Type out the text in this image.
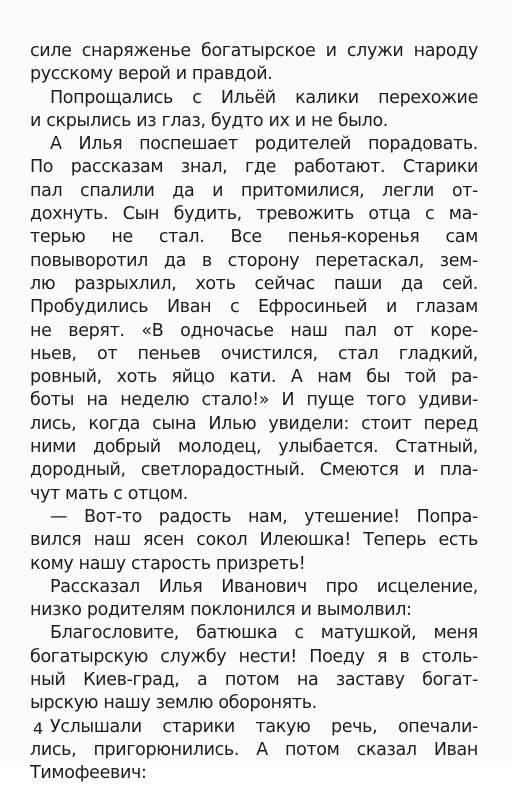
силе снаряженье богатырское и служи народу
русскому верой и правдой.
Попрощались с Ильёй калики перехожие
и скрылись из глаз, будто их и не было.
А Илья поспешает родителей порадовать.
По рассказам знал, где работают. Старики
пал спалили да и притомилися, легли от-
дохнуть. Сын будить, тревожить отца с ма-
терью не стал. Все пенья-коренья сам
повыворотил да в сторону перетаскал, зем-
лю разрыхлил, хоть сейчас паши да сей.
Пробудились Иван с Ефросиньей и глазам
не верят. «В одночасье наш пал от коре-
ньев, от пеньев очистился, стал гладкий,
ровный, хоть яйцо кати. А нам бы той ра-
боты на неделю стало!» И пуще того удиви-
лись, когда сына Илью увидели: стоит перед
ними добрый молодец, улыбается. Статный,
дородный, светлорадостный. Смеются и пла-
чут мать с отцом.
— Вот-то радость нам, утешение! Попра-
вился наш ясен сокол Илеюшка! Теперь есть
кому нашу старость призреть!
Рассказал Илья Иванович про исцеление,
низко родителям поклонился и вымолвил:
Благословите, батюшка с матушкой, меня
богатырскую службу нести! Поеду я в столь-
ный Киев-град, а потом на заставу богат-
ырскую нашу землю оборонять.
Услышали старики такую речь, опечали-
лись, пригорюнились. А потом сказал Иван
Тимофеевич:
4
